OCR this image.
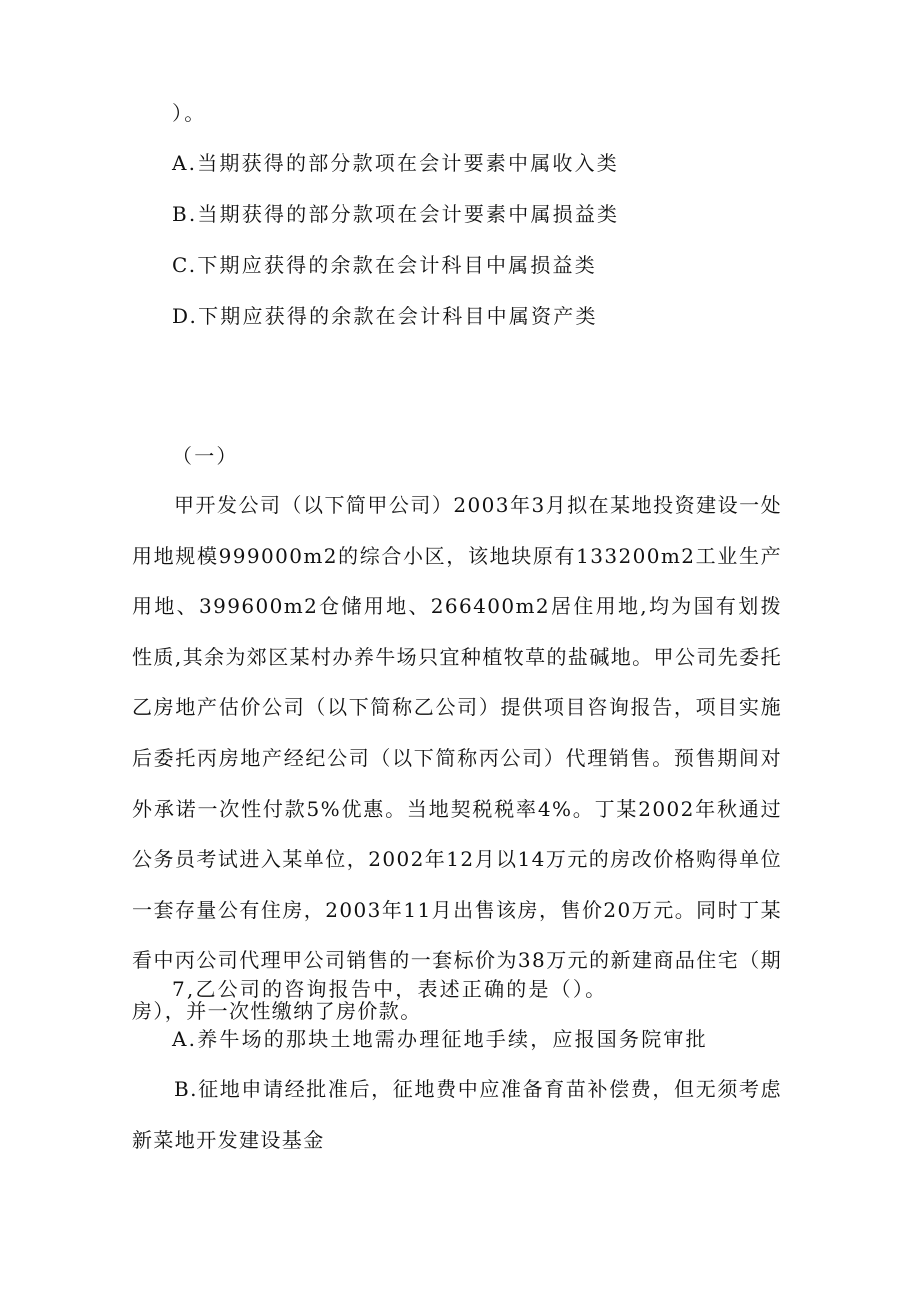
）。
A.当期获得的部分款项在会计要素中属收入类
B.当期获得的部分款项在会计要素中属损益类
C.下期应获得的余款在会计科目中属损益类
D.下期应获得的余款在会计科目中属资产类
（一）
甲开发公司（以下简甲公司）2003年3月拟在某地投资建设一处用地规模999000m2的综合小区，该地块原有133200m2工业生产用地、399600m2仓储用地、266400m2居住用地,均为国有划拨性质,其余为郊区某村办养牛场只宜种植牧草的盐碱地。甲公司先委托乙房地产估价公司（以下简称乙公司）提供项目咨询报告，项目实施后委托丙房地产经纪公司（以下简称丙公司）代理销售。预售期间对外承诺一次性付款5%优惠。当地契税税率4%。丁某2002年秋通过公务员考试进入某单位，2002年12月以14万元的房改价格购得单位一套存量公有住房，2003年11月出售该房，售价20万元。同时丁某看中丙公司代理甲公司销售的一套标价为38万元的新建商品住宅（期房），并一次性缴纳了房价款。
7,乙公司的咨询报告中，表述正确的是（）。
A.养牛场的那块土地需办理征地手续，应报国务院审批
B.征地申请经批准后，征地费中应准备育苗补偿费，但无须考虑新菜地开发建设基金
